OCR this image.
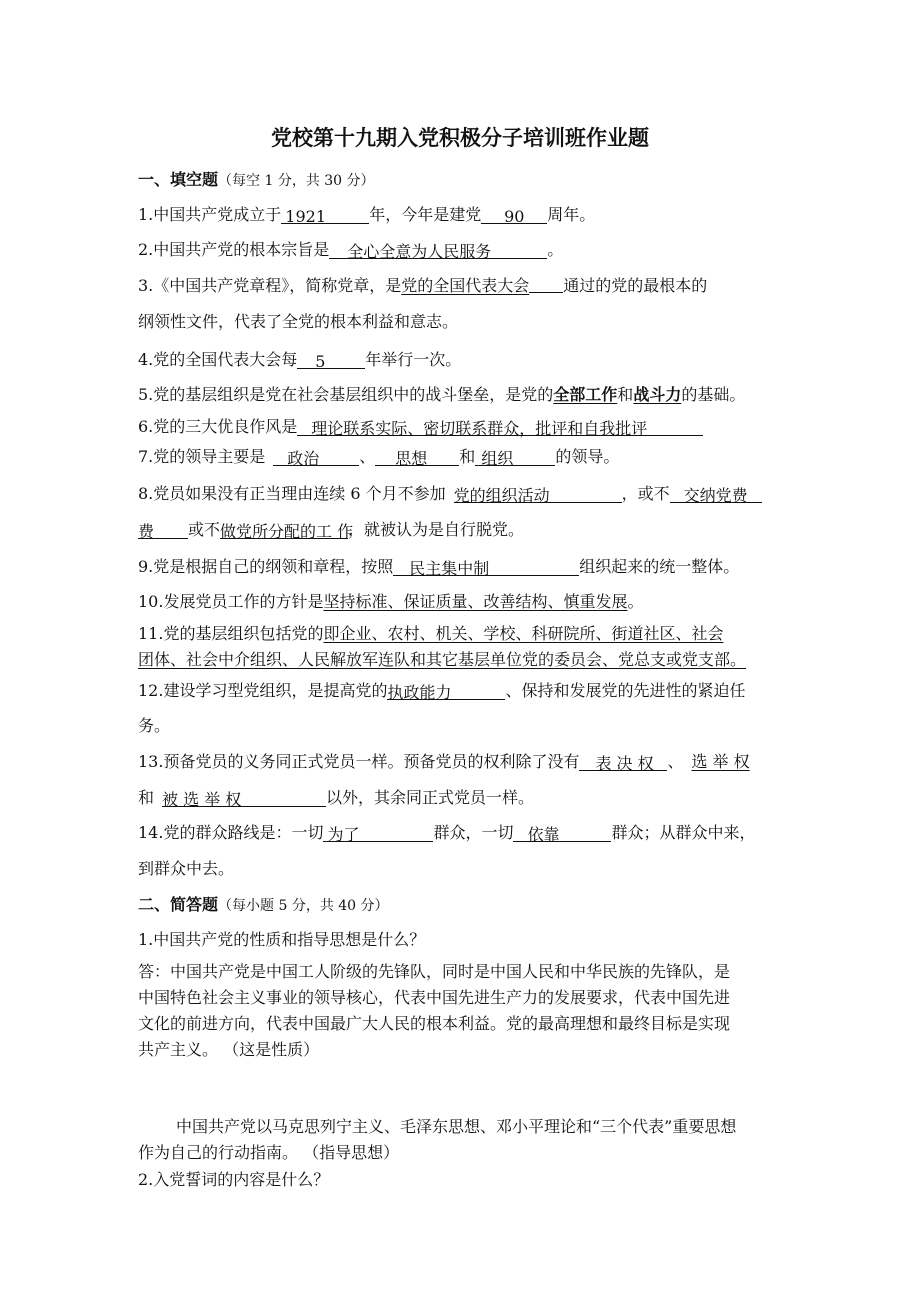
党校第十九期入党积极分子培训班作业题
一、填空题（每空 1 分，共 30 分）
1.中国共产党成立于 1921	年，今年是建党 90 周年。
2.中国共产党的根本宗旨是 全心全意为人民服务	。
3.《中国共产党章程》，简称党章，是党的全国代表大会 通过的党的最根本的
纲领性文件，代表了全党的根本利益和意志。
4.党的全国代表大会每 5 年举行一次。
5.党的基层组织是党在社会基层组织中的战斗堡垒，是党的全部工作和战斗力的基础。
6.党的三大优良作风是 理论联系实际、密切联系群众，批评和自我批评
7.党的领导主要是 政治 、 思想 和 组织	的领导。
8.党员如果没有正当理由连续 6 个月不参加 党的组织活动	，或不 交纳党费
费 或不做党所分配的工 作，就被认为是自行脱党。
9.党是根据自己的纲领和章程，按照 民主集中制	组织起来的统一整体。
10.发展党员工作的方针是坚持标准、保证质量、改善结构、慎重发展。
11.党的基层组织包括党的即企业、农村、机关、学校、科研院所、街道社区、社会
团体、社会中介组织、人民解放军连队和其它基层单位党的委员会、党总支或党支部。
12.建设学习型党组织，是提高党的执政能力	、保持和发展党的先进性的紧迫任
务。
13.预备党员的义务同正式党员一样。预备党员的权利除了没有 表 决 权 、 选 举 权
和 被 选 举 权	以外，其余同正式党员一样。
14.党的群众路线是：一切 为了	群众，一切 依靠	群众；从群众中来，
到群众中去。
二、简答题（每小题 5 分，共 40 分）
1.中国共产党的性质和指导思想是什么？
答：中国共产党是中国工人阶级的先锋队，同时是中国人民和中华民族的先锋队，是
中国特色社会主义事业的领导核心，代表中国先进生产力的发展要求，代表中国先进
文化的前进方向，代表中国最广大人民的根本利益。党的最高理想和最终目标是实现
共产主义。 （这是性质）
中国共产党以马克思列宁主义、毛泽东思想、邓小平理论和“三个代表”重要思想
作为自己的行动指南。 （指导思想）
2.入党誓词的内容是什么？
